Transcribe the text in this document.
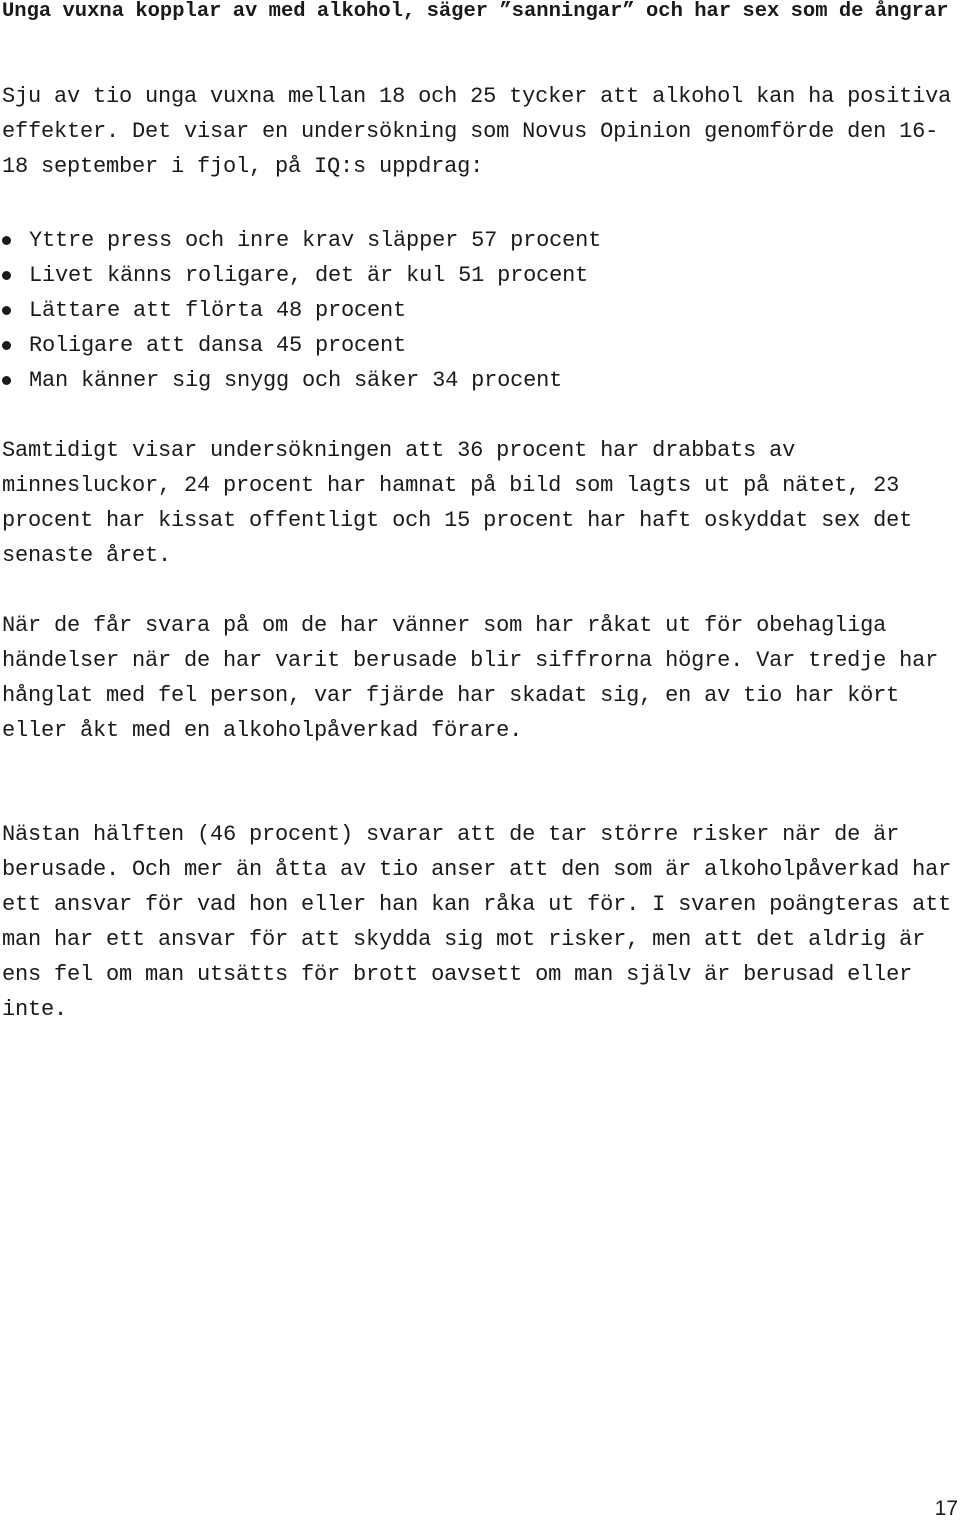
Unga vuxna kopplar av med alkohol, säger ”sanningar” och har sex som de ångrar

Sju av tio unga vuxna mellan 18 och 25 tycker att alkohol kan ha positiva effekter. Det visar en undersökning som Novus Opinion genomförde den 16-18 september i fjol, på IQ:s uppdrag:

Yttre press och inre krav släpper 57 procent
Livet känns roligare, det är kul 51 procent
Lättare att flörta 48 procent
Roligare att dansa 45 procent
Man känner sig snygg och säker 34 procent

Samtidigt visar undersökningen att 36 procent har drabbats av minnesluckor, 24 procent har hamnat på bild som lagts ut på nätet, 23 procent har kissat offentligt och 15 procent har haft oskyddat sex det senaste året.

När de får svara på om de har vänner som har råkat ut för obehagliga händelser när de har varit berusade blir siffrorna högre. Var tredje har hånglat med fel person, var fjärde har skadat sig, en av tio har kört eller åkt med en alkoholpåverkad förare.

Nästan hälften (46 procent) svarar att de tar större risker när de är berusade. Och mer än åtta av tio anser att den som är alkoholpåverkad har ett ansvar för vad hon eller han kan råka ut för. I svaren poängteras att man har ett ansvar för att skydda sig mot risker, men att det aldrig är ens fel om man utsätts för brott oavsett om man själv är berusad eller inte.

17
